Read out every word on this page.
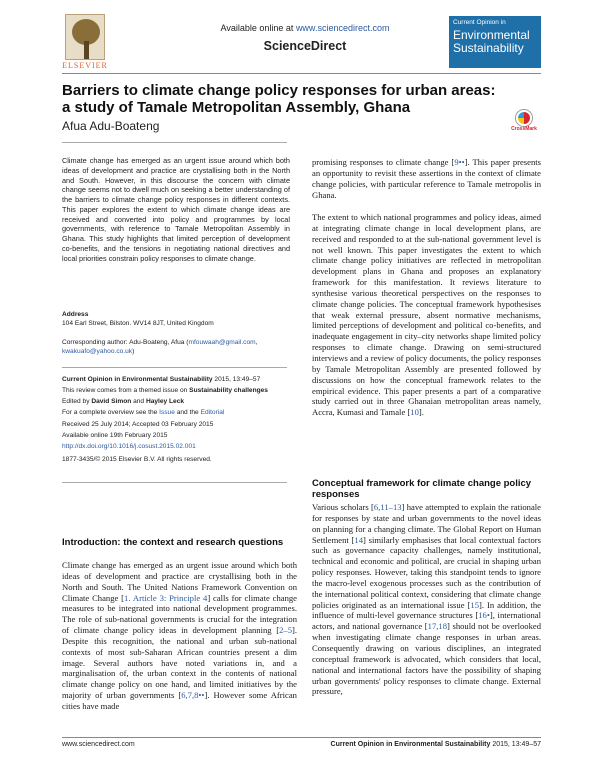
ELSEVIER
Available online at www.sciencedirect.com
ScienceDirect
Current Opinion in
Environmental Sustainability
Barriers to climate change policy responses for urban areas: a study of Tamale Metropolitan Assembly, Ghana
Afua Adu-Boateng	CrossMark

Climate change has emerged as an urgent issue around which both ideas of development and practice are crystallising both in the North and South. However, in this discourse the concern with climate change seems not to dwell much on seeking a better understanding of the barriers to climate change policy responses in different contexts. This paper explores the extent to which climate change ideas are received and converted into policy and programmes by local governments, with reference to Tamale Metropolitan Assembly in Ghana. This study highlights that limited perception of development co-benefits, and the tensions in negotiating national directives and local priorities constrain policy responses to climate change.

Address
104 Earl Street, Bilston. WV14 8JT, United Kingdom
Corresponding author: Adu-Boateng, Afua (mfouwaah@gmail.com,
kwakuafo@yahoo.co.uk)
Current Opinion in Environmental Sustainability 2015, 13:49–57
This review comes from a themed issue on Sustainability challenges
Edited by David Simon and Hayley Leck
For a complete overview see the Issue and the Editorial
Received 25 July 2014; Accepted 03 February 2015
Available online 19th February 2015
http://dx.doi.org/10.1016/j.cosust.2015.02.001
1877-3435/© 2015 Elsevier B.V. All rights reserved.
Introduction: the context and research questions

Climate change has emerged as an urgent issue around which both ideas of development and practice are crystallising both in the North and South. The United Nations Framework Convention on Climate Change [1. Article 3: Principle 4] calls for climate change measures to be integrated into national development programmes. The role of sub-national governments is crucial for the integration of climate change policy ideas in development planning [2–5]. Despite this recognition, the national and urban sub-national contexts of most sub-Saharan African countries present a dim image. Several authors have noted variations in, and a marginalisation of, the urban context in the contents of national climate change policy on one hand, and limited initiatives by the majority of urban governments [6,7,8••]. However some African cities have made

promising responses to climate change [9••]. This paper presents an opportunity to revisit these assertions in the context of climate change policies, with particular reference to Tamale metropolis in Ghana.

The extent to which national programmes and policy ideas, aimed at integrating climate change in local development plans, are received and responded to at the sub-national government level is not well known. This paper investigates the extent to which climate change policy initiatives are reflected in metropolitan development plans in Ghana and proposes an explanatory framework for this manifestation. It reviews literature to synthesise various theoretical perspectives on the responses to climate change policies. The conceptual framework hypothesises that weak external pressure, absent normative mechanisms, limited perceptions of development and political co-benefits, and inadequate engagement in city–city networks shape limited policy responses to climate change. Drawing on semi-structured interviews and a review of policy documents, the policy responses by Tamale Metropolitan Assembly are presented followed by discussions on how the conceptual framework relates to the empirical evidence. This paper presents a part of a comparative study carried out in three Ghanaian metropolitan areas namely, Accra, Kumasi and Tamale [10].

Conceptual framework for climate change policy responses

Various scholars [6,11–13] have attempted to explain the rationale for responses by state and urban governments to the novel ideas on planning for a changing climate. The Global Report on Human Settlement [14] similarly emphasises that local contextual factors such as governance capacity challenges, namely institutional, technical and economic and political, are crucial in shaping urban policy responses. However, taking this standpoint tends to ignore the macro-level exogenous processes such as the contribution of the international political context, considering that climate change policies originated as an international issue [15]. In addition, the influence of multi-level governance structures [16•], international actors, and national governance [17,18] should not be overlooked when investigating climate change responses in urban areas. Consequently drawing on various disciplines, an integrated conceptual framework is advocated, which considers that local, national and international factors have the possibility of shaping urban governments' policy responses to climate change. External pressure,

www.sciencedirect.com	Current Opinion in Environmental Sustainability 2015, 13:49–57
